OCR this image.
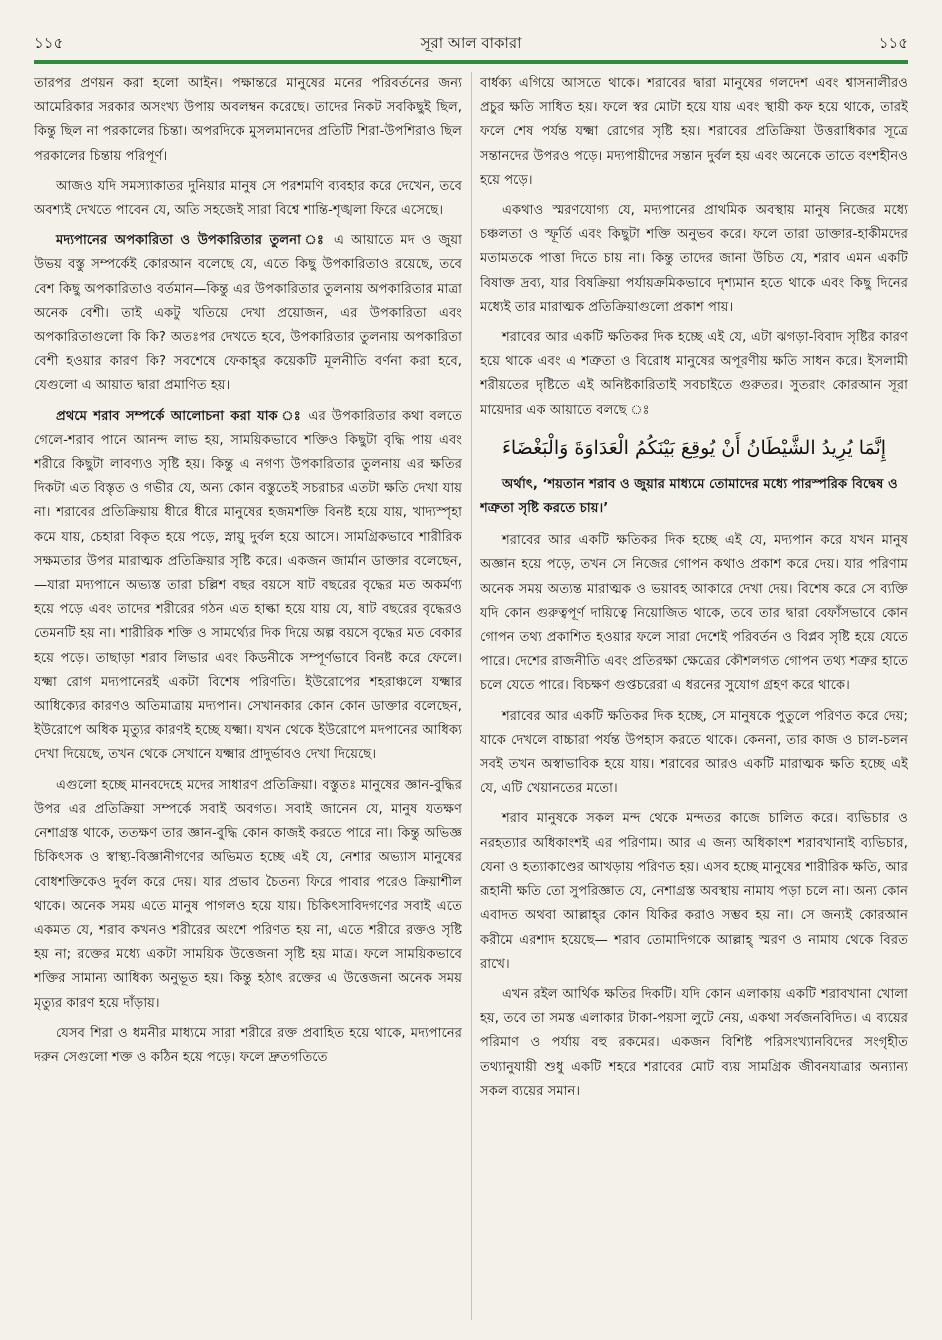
১১৫	সূরা আল বাকারা	১১৫

তারপর প্রণয়ন করা হলো আইন। পক্ষান্তরে মানুষের মনের পরিবর্তনের জন্য আমেরিকার সরকার অসংখ্য উপায় অবলম্বন করেছে। তাদের নিকট সবকিছুই ছিল, কিন্তু ছিল না পরকালের চিন্তা। অপরদিকে মুসলমানদের প্রতিটি শিরা-উপশিরাও ছিল পরকালের চিন্তায় পরিপূর্ণ।

আজও যদি সমস্যাকাতর দুনিয়ার মানুষ সে পরশমণি ব্যবহার করে দেখেন, তবে অবশ্যই দেখতে পাবেন যে, অতি সহজেই সারা বিশ্বে শান্তি-শৃঙ্খলা ফিরে এসেছে।

মদ্যপানের অপকারিতা ও উপকারিতার তুলনা ঃ এ আয়াতে মদ ও জুয়া উভয় বস্তু সম্পর্কেই কোরআন বলেছে যে, এতে কিছু উপকারিতাও রয়েছে, তবে বেশ কিছু অপকারিতাও বর্তমান—কিন্তু এর উপকারিতার তুলনায় অপকারিতার মাত্রা অনেক বেশী। তাই একটু খতিয়ে দেখা প্রয়োজন, এর উপকারিতা এবং অপকারিতাগুলো কি কি? অতঃপর দেখতে হবে, উপকারিতার তুলনায় অপকারিতা বেশী হওয়ার কারণ কি? সবশেষে ফেকাহ্‌র কয়েকটি মূলনীতি বর্ণনা করা হবে, যেগুলো এ আয়াত দ্বারা প্রমাণিত হয়।

প্রথমে শরাব সম্পর্কে আলোচনা করা যাক ঃ এর উপকারিতার কথা বলতে গেলে-শরাব পানে আনন্দ লাভ হয়, সাময়িকভাবে শক্তিও কিছুটা বৃদ্ধি পায় এবং শরীরে কিছুটা লাবণ্যও সৃষ্টি হয়। কিন্তু এ নগণ্য উপকারিতার তুলনায় এর ক্ষতির দিকটা এত বিস্তৃত ও গভীর যে, অন্য কোন বস্তুতেই সচরাচর এতটা ক্ষতি দেখা যায় না। শরাবের প্রতিক্রিয়ায় ধীরে ধীরে মানুষের হজমশক্তি বিনষ্ট হয়ে যায়, খাদ্যস্পৃহা কমে যায়, চেহারা বিকৃত হয়ে পড়ে, স্নায়ু দুর্বল হয়ে আসে। সামগ্রিকভাবে শারীরিক সক্ষমতার উপর মারাত্মক প্রতিক্রিয়ার সৃষ্টি করে। একজন জার্মান ডাক্তার বলেছেন,—যারা মদ্যপানে অভ্যস্ত তারা চল্লিশ বছর বয়সে ষাট বছরের বৃদ্ধের মত অকর্মণ্য হয়ে পড়ে এবং তাদের শরীরের গঠন এত হাল্কা হয়ে যায় যে, ষাট বছরের বৃদ্ধেরও তেমনটি হয় না। শারীরিক শক্তি ও সামর্থ্যের দিক দিয়ে অল্প বয়সে বৃদ্ধের মত বেকার হয়ে পড়ে। তাছাড়া শরাব লিভার এবং কিডনীকে সম্পূর্ণভাবে বিনষ্ট করে ফেলে। যক্ষ্মা রোগ মদ্যপানেরই একটা বিশেষ পরিণতি। ইউরোপের শহরাঞ্চলে যক্ষ্মার আধিক্যের কারণও অতিমাত্রায় মদ্যপান। সেখানকার কোন কোন ডাক্তার বলেছেন, ইউরোপে অধিক মৃত্যুর কারণই হচ্ছে যক্ষ্মা। যখন থেকে ইউরোপে মদপানের আধিক্য দেখা দিয়েছে, তখন থেকে সেখানে যক্ষ্মার প্রাদুর্ভাবও দেখা দিয়েছে।

এগুলো হচ্ছে মানবদেহে মদের সাধারণ প্রতিক্রিয়া। বস্তুতঃ মানুষের জ্ঞান-বুদ্ধির উপর এর প্রতিক্রিয়া সম্পর্কে সবাই অবগত। সবাই জানেন যে, মানুষ যতক্ষণ নেশাগ্রস্ত থাকে, ততক্ষণ তার জ্ঞান-বুদ্ধি কোন কাজই করতে পারে না। কিন্তু অভিজ্ঞ চিকিৎসক ও স্বাস্থ্য-বিজ্ঞানীগণের অভিমত হচ্ছে এই যে, নেশার অভ্যাস মানুষের বোধশক্তিকেও দুর্বল করে দেয়। যার প্রভাব চৈতন্য ফিরে পাবার পরেও ক্রিয়াশীল থাকে। অনেক সময় এতে মানুষ পাগলও হয়ে যায়। চিকিৎসাবিদগণের সবাই এতে একমত যে, শরাব কখনও শরীরের অংশে পরিণত হয় না, এতে শরীরে রক্তও সৃষ্টি হয় না; রক্তের মধ্যে একটা সাময়িক উত্তেজনা সৃষ্টি হয় মাত্র। ফলে সাময়িকভাবে শক্তির সামান্য আধিক্য অনুভূত হয়। কিন্তু হঠাৎ রক্তের এ উত্তেজনা অনেক সময় মৃত্যুর কারণ হয়ে দাঁড়ায়।

যেসব শিরা ও ধমনীর মাধ্যমে সারা শরীরে রক্ত প্রবাহিত হয়ে থাকে, মদ্যপানের দরুন সেগুলো শক্ত ও কঠিন হয়ে পড়ে। ফলে দ্রুতগতিতে

বার্ধক্য এগিয়ে আসতে থাকে। শরাবের দ্বারা মানুষের গলদেশ এবং শ্বাসনালীরও প্রচুর ক্ষতি সাধিত হয়। ফলে স্বর মোটা হয়ে যায় এবং স্থায়ী কফ হয়ে থাকে, তারই ফলে শেষ পর্যন্ত যক্ষ্মা রোগের সৃষ্টি হয়। শরাবের প্রতিক্রিয়া উত্তরাধিকার সূত্রে সন্তানদের উপরও পড়ে। মদ্যপায়ীদের সন্তান দুর্বল হয় এবং অনেকে তাতে বংশহীনও হয়ে পড়ে।

একথাও স্মরণযোগ্য যে, মদ্যপানের প্রাথমিক অবস্থায় মানুষ নিজের মধ্যে চঞ্চলতা ও স্ফূর্তি এবং কিছুটা শক্তি অনুভব করে। ফলে তারা ডাক্তার-হাকীমদের মতামতকে পাত্তা দিতে চায় না। কিন্তু তাদের জানা উচিত যে, শরাব এমন একটি বিষাক্ত দ্রব্য, যার বিষক্রিয়া পর্যায়ক্রমিকভাবে দৃশ্যমান হতে থাকে এবং কিছু দিনের মধ্যেই তার মারাত্মক প্রতিক্রিয়াগুলো প্রকাশ পায়।

শরাবের আর একটি ক্ষতিকর দিক হচ্ছে এই যে, এটা ঝগড়া-বিবাদ সৃষ্টির কারণ হয়ে থাকে এবং এ শত্রুতা ও বিরোধ মানুষের অপূরণীয় ক্ষতি সাধন করে। ইসলামী শরীয়তের দৃষ্টিতে এই অনিষ্টকারিতাই সবচাইতে গুরুতর। সুতরাং কোরআন সূরা মায়েদার এক আয়াতে বলছে ঃ

إِنَّمَا يُرِيدُ الشَّيْطَانُ أَنْ يُوقِعَ بَيْنَكُمُ الْعَدَاوَةَ وَالْبَغْضَاءَ

অর্থাৎ, ‘শয়তান শরাব ও জুয়ার মাধ্যমে তোমাদের মধ্যে পারস্পরিক বিদ্বেষ ও শত্রুতা সৃষ্টি করতে চায়।’

শরাবের আর একটি ক্ষতিকর দিক হচ্ছে এই যে, মদ্যপান করে যখন মানুষ অজ্ঞান হয়ে পড়ে, তখন সে নিজের গোপন কথাও প্রকাশ করে দেয়। যার পরিণাম অনেক সময় অত্যন্ত মারাত্মক ও ভয়াবহ আকারে দেখা দেয়। বিশেষ করে সে ব্যক্তি যদি কোন গুরুত্বপূর্ণ দায়িত্বে নিয়োজিত থাকে, তবে তার দ্বারা বেফাঁসভাবে কোন গোপন তথ্য প্রকাশিত হওয়ার ফলে সারা দেশেই পরিবর্তন ও বিপ্লব সৃষ্টি হয়ে যেতে পারে। দেশের রাজনীতি এবং প্রতিরক্ষা ক্ষেত্রের কৌশলগত গোপন তথ্য শত্রুর হাতে চলে যেতে পারে। বিচক্ষণ গুপ্তচরেরা এ ধরনের সুযোগ গ্রহণ করে থাকে।

শরাবের আর একটি ক্ষতিকর দিক হচ্ছে, সে মানুষকে পুতুলে পরিণত করে দেয়; যাকে দেখলে বাচ্চারা পর্যন্ত উপহাস করতে থাকে। কেননা, তার কাজ ও চাল-চলন সবই তখন অস্বাভাবিক হয়ে যায়। শরাবের আরও একটি মারাত্মক ক্ষতি হচ্ছে এই যে, এটি খেয়ানতের মতো।

শরাব মানুষকে সকল মন্দ থেকে মন্দতর কাজে চালিত করে। ব্যভিচার ও নরহত্যার অধিকাংশই এর পরিণাম। আর এ জন্য অধিকাংশ শরাবখানাই ব্যভিচার, যেনা ও হত্যাকাণ্ডের আখড়ায় পরিণত হয়। এসব হচ্ছে মানুষের শারীরিক ক্ষতি, আর রূহানী ক্ষতি তো সুপরিজ্ঞাত যে, নেশাগ্রস্ত অবস্থায় নামায পড়া চলে না। অন্য কোন এবাদত অথবা আল্লাহ্‌র কোন যিকির করাও সম্ভব হয় না। সে জন্যই কোরআন করীমে এরশাদ হয়েছে— শরাব তোমাদিগকে আল্লাহ্‌ স্মরণ ও নামায থেকে বিরত রাখে।

এখন রইল আর্থিক ক্ষতির দিকটি। যদি কোন এলাকায় একটি শরাবখানা খোলা হয়, তবে তা সমস্ত এলাকার টাকা-পয়সা লুটে নেয়, একথা সর্বজনবিদিত। এ ব্যয়ের পরিমাণ ও পর্যায় বহু রকমের। একজন বিশিষ্ট পরিসংখ্যানবিদের সংগৃহীত তথ্যানুযায়ী শুধু একটি শহরে শরাবের মোট ব্যয় সামগ্রিক জীবনযাত্রার অন্যান্য সকল ব্যয়ের সমান।
